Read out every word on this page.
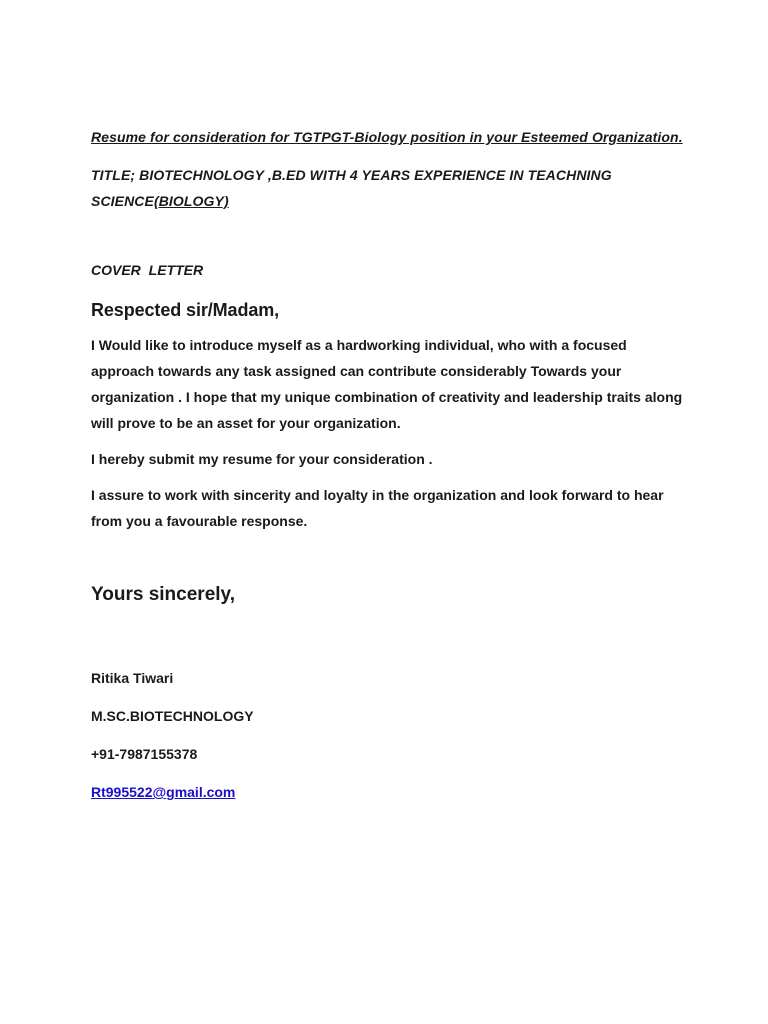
Resume for consideration for TGTPGT-Biology position in your Esteemed Organization.

TITLE; BIOTECHNOLOGY ,B.ED WITH 4 YEARS EXPERIENCE IN TEACHNING SCIENCE(BIOLOGY)

COVER LETTER

Respected sir/Madam,

I Would like to introduce myself as a hardworking individual, who with a focused approach towards any task assigned can contribute considerably Towards your organization . I hope that my unique combination of creativity and leadership traits along will prove to be an asset for your organization.

I hereby submit my resume for your consideration .

I assure to work with sincerity and loyalty in the organization and look forward to hear from you a favourable response.

Yours sincerely,

Ritika Tiwari

M.SC.BIOTECHNOLOGY

+91-7987155378

Rt995522@gmail.com
